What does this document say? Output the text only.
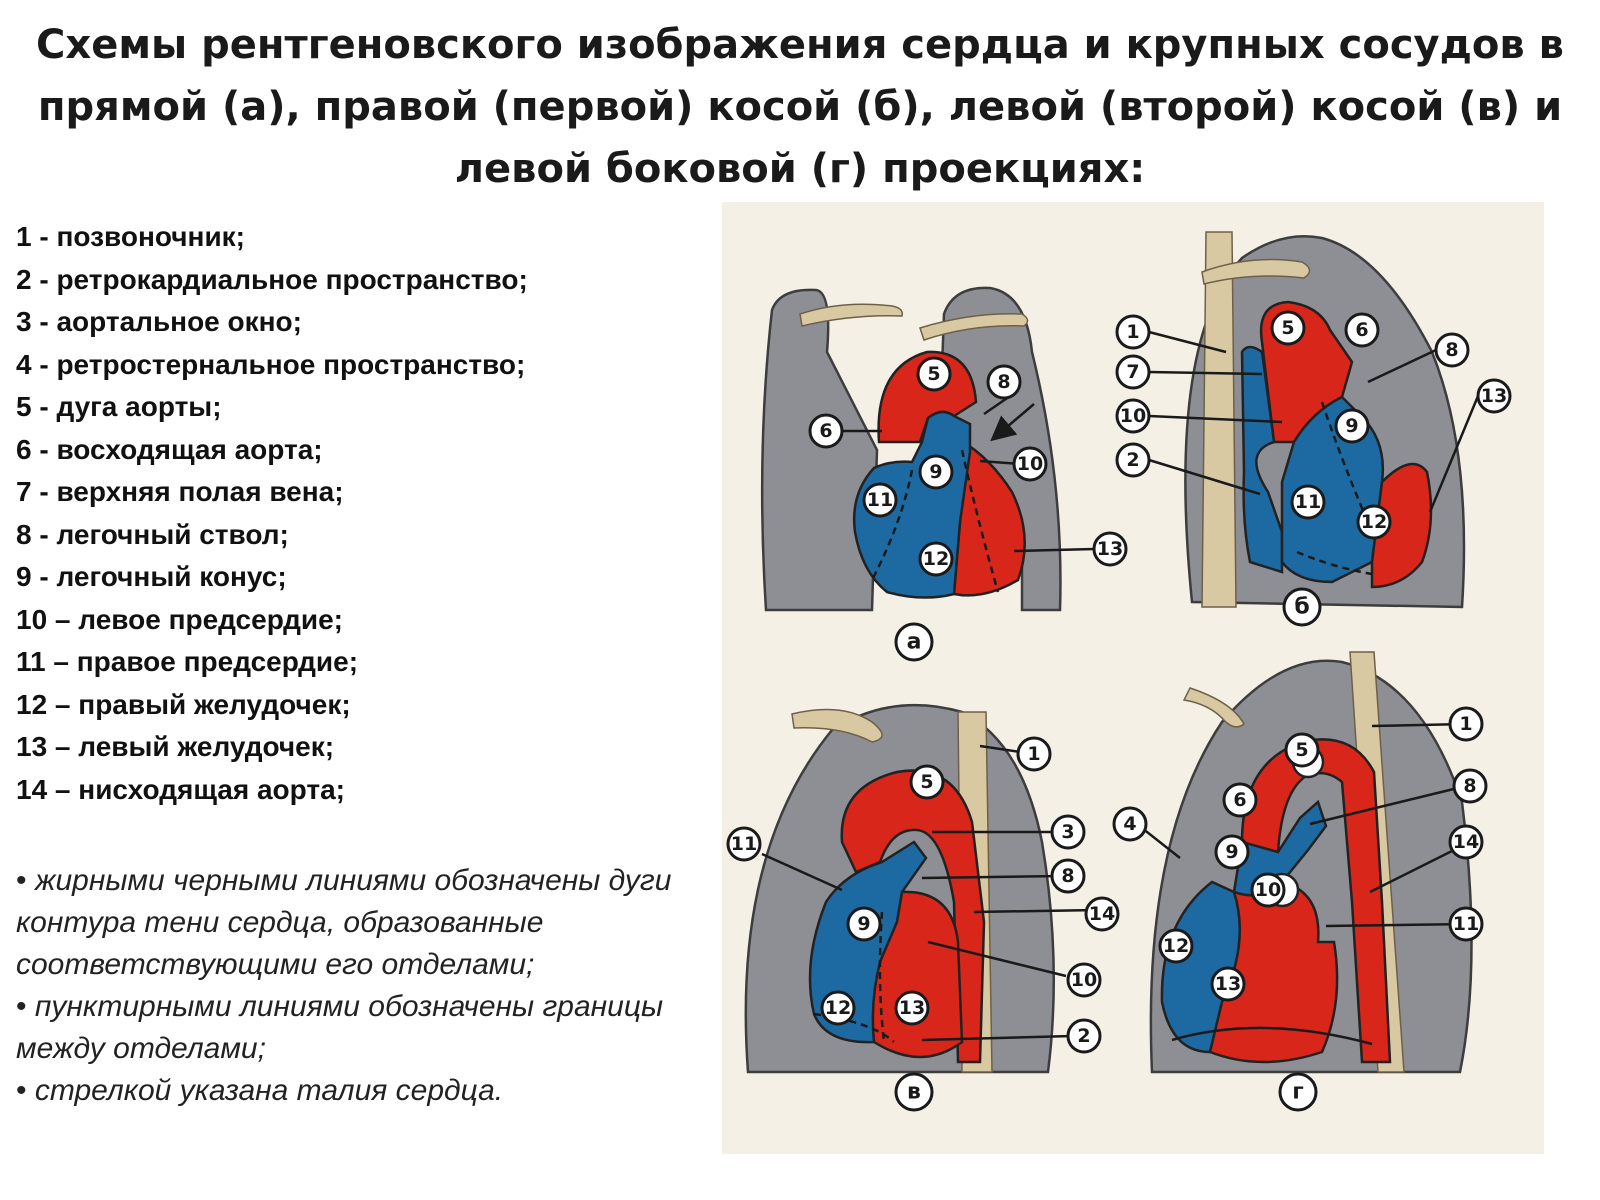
Схемы рентгеновского изображения сердца и крупных сосудов в
прямой (а), правой (первой) косой (б), левой (второй) косой (в) и
левой боковой (г) проекциях:
1 - позвоночник;
2 - ретрокардиальное пространство;
3 - аортальное окно;
4 - ретростернальное пространство;
5 - дуга аорты;
6 - восходящая аорта;
7 - верхняя полая вена;
8 - легочный ствол;
9 - легочный конус;
10 – левое предсердие;
11 – правое предсердие;
12 – правый желудочек;
13 – левый желудочек;
14 – нисходящая аорта;
• жирными черными линиями обозначены дуги контура тени сердца, образованные соответствующими его отделами;
• пунктирными линиями обозначены границы между отделами;
• стрелкой указана талия сердца.
5
6
8
9	10
11
12	13
а
1
7
10
2
5	6
8
13
9
11
12
б
5
11
9
12	13
1
3
8
14
10
2
в
5
6
4
9
10
12
13
1
8
14
11
г
